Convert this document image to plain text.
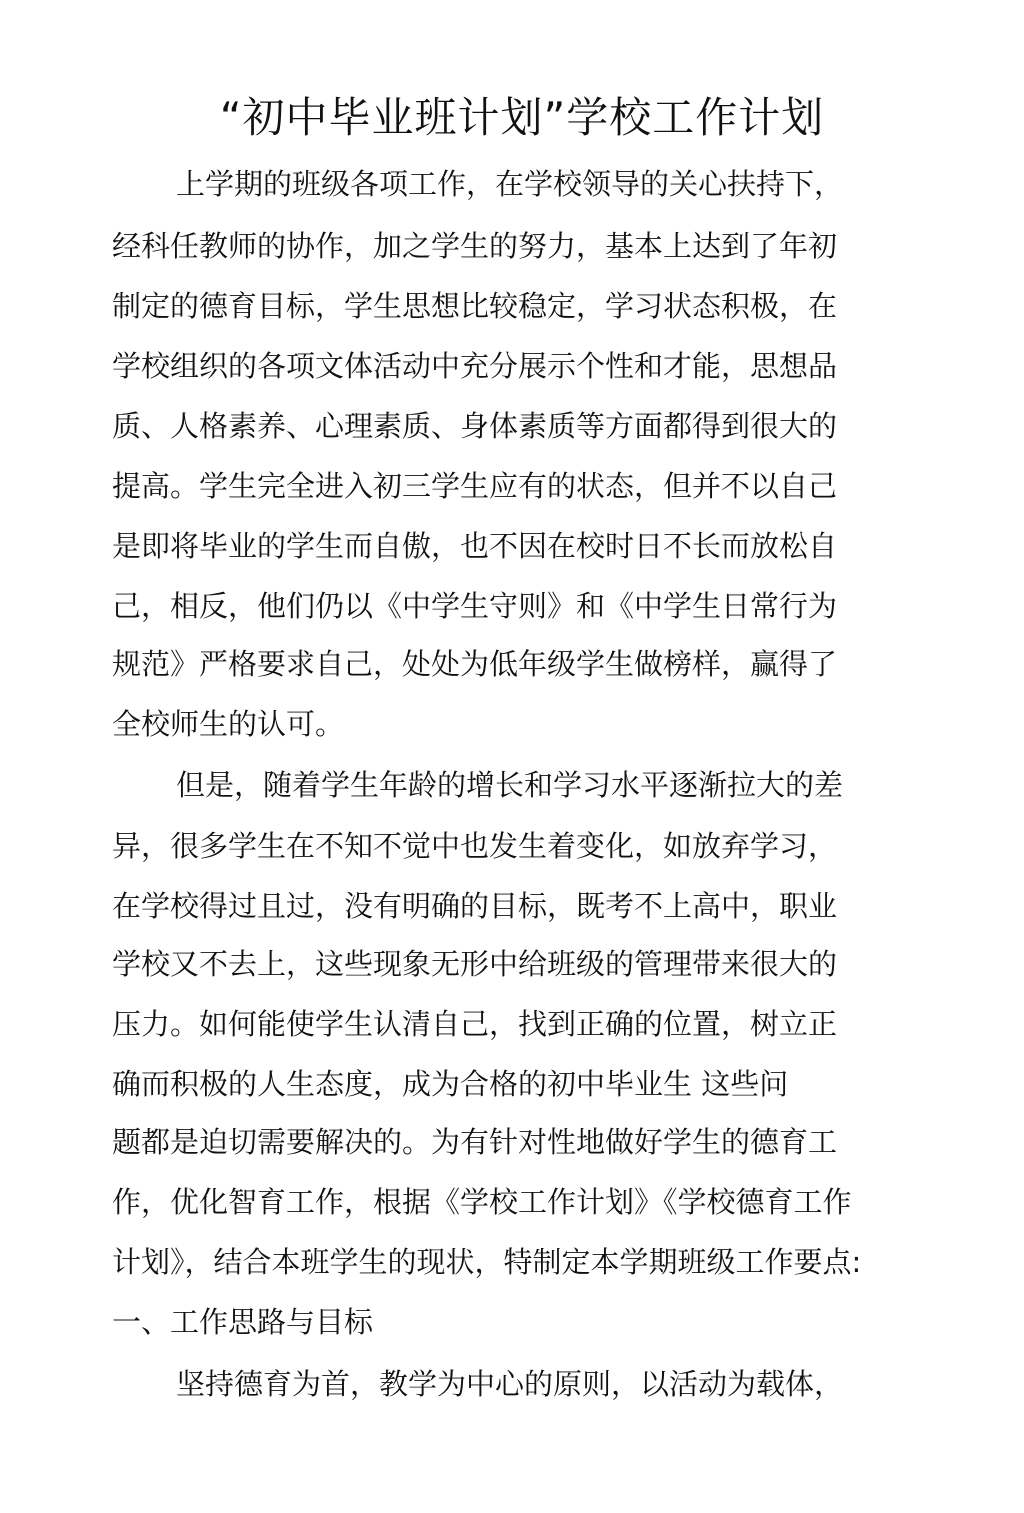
“初中毕业班计划”学校工作计划

上学期的班级各项工作，在学校领导的关心扶持下，

经科任教师的协作，加之学生的努力，基本上达到了年初

制定的德育目标，学生思想比较稳定，学习状态积极，在

学校组织的各项文体活动中充分展示个性和才能，思想品

质、人格素养、心理素质、身体素质等方面都得到很大的

提高。学生完全进入初三学生应有的状态，但并不以自己

是即将毕业的学生而自傲，也不因在校时日不长而放松自

己，相反，他们仍以《中学生守则》和《中学生日常行为

规范》严格要求自己，处处为低年级学生做榜样，赢得了

全校师生的认可。

但是，随着学生年龄的增长和学习水平逐渐拉大的差

异，很多学生在不知不觉中也发生着变化，如放弃学习，

在学校得过且过，没有明确的目标，既考不上高中，职业

学校又不去上，这些现象无形中给班级的管理带来很大的

压力。如何能使学生认清自己，找到正确的位置，树立正

确而积极的人生态度，成为合格的初中毕业生 这些问

题都是迫切需要解决的。为有针对性地做好学生的德育工

作，优化智育工作，根据《学校工作计划》《学校德育工作

计划》，结合本班学生的现状，特制定本学期班级工作要点:

一、工作思路与目标

坚持德育为首，教学为中心的原则，以活动为载体，
